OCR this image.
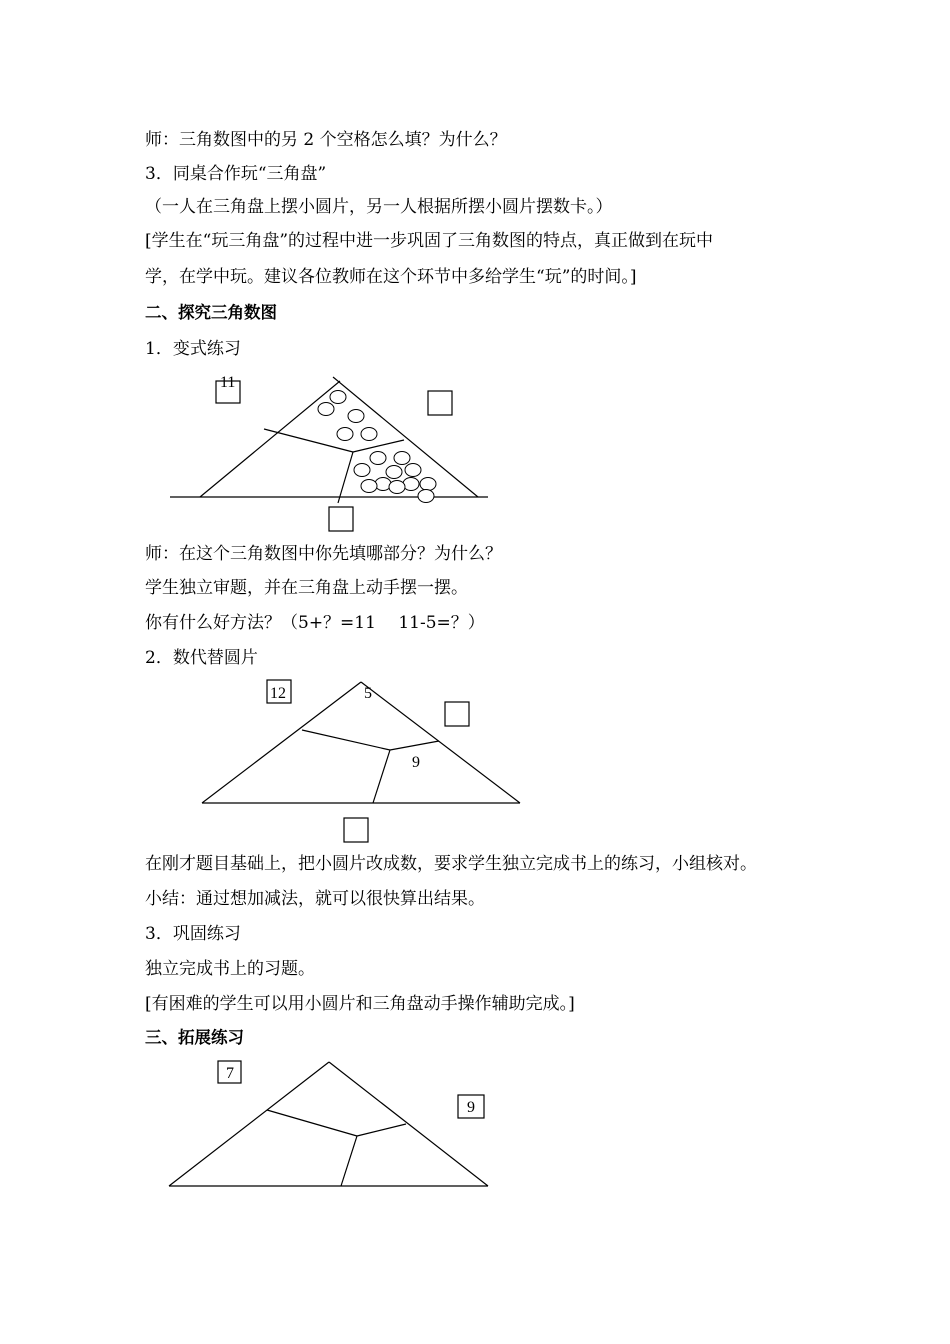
师：三角数图中的另 2 个空格怎么填？为什么？
3．同桌合作玩“三角盘”
（一人在三角盘上摆小圆片，另一人根据所摆小圆片摆数卡。）
[学生在“玩三角盘”的过程中进一步巩固了三角数图的特点，真正做到在玩中
学，在学中玩。建议各位教师在这个环节中多给学生“玩”的时间。]
二、探究三角数图
1．变式练习
11
师：在这个三角数图中你先填哪部分？为什么？
学生独立审题，并在三角盘上动手摆一摆。
你有什么好方法？（5+？=11　 11-5=？）
2．数代替圆片
12	5
9
在刚才题目基础上，把小圆片改成数，要求学生独立完成书上的练习，小组核对。
小结：通过想加减法，就可以很快算出结果。
3．巩固练习
独立完成书上的习题。
[有困难的学生可以用小圆片和三角盘动手操作辅助完成。]
三、拓展练习
7
9
